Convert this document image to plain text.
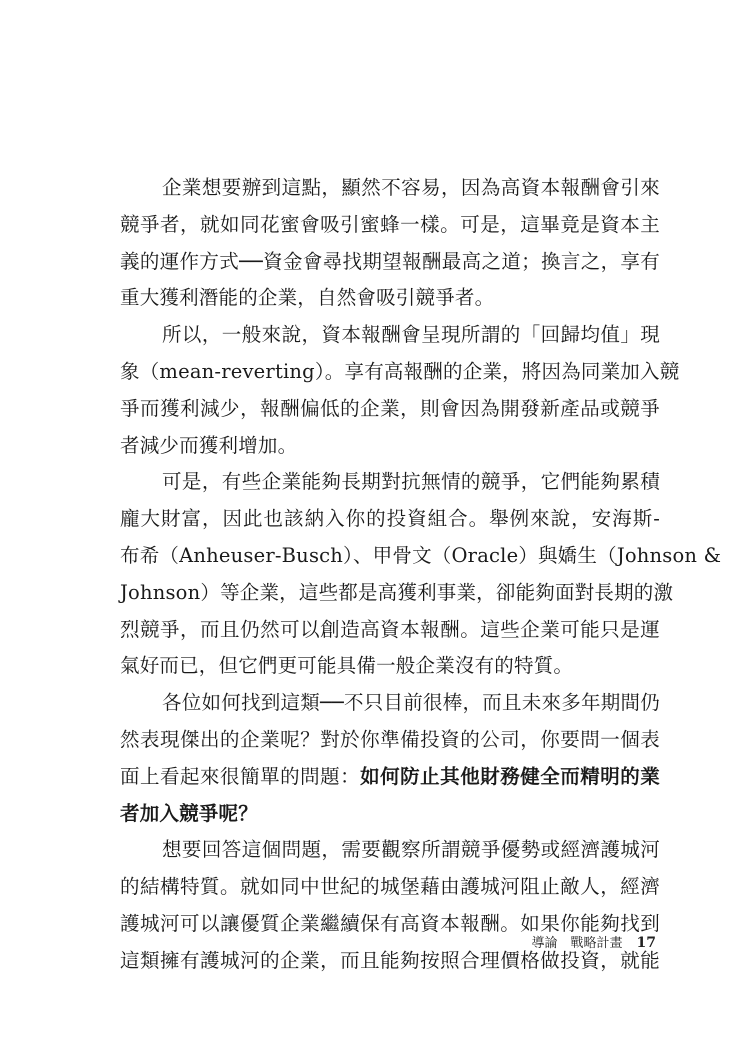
企業想要辦到這點，顯然不容易，因為高資本報酬會引來
競爭者，就如同花蜜會吸引蜜蜂一樣。可是，這畢竟是資本主
義的運作方式──資金會尋找期望報酬最高之道；換言之，享有
重大獲利潛能的企業，自然會吸引競爭者。
所以，一般來說，資本報酬會呈現所謂的「回歸均值」現
象（mean-reverting）。享有高報酬的企業，將因為同業加入競
爭而獲利減少，報酬偏低的企業，則會因為開發新產品或競爭
者減少而獲利增加。
可是，有些企業能夠長期對抗無情的競爭，它們能夠累積
龐大財富，因此也該納入你的投資組合。舉例來說，安海斯-
布希（Anheuser-Busch）、甲骨文（Oracle）與嬌生（Johnson &
Johnson）等企業，這些都是高獲利事業，卻能夠面對長期的激
烈競爭，而且仍然可以創造高資本報酬。這些企業可能只是運
氣好而已，但它們更可能具備一般企業沒有的特質。
各位如何找到這類──不只目前很棒，而且未來多年期間仍
然表現傑出的企業呢？對於你準備投資的公司，你要問一個表
面上看起來很簡單的問題：如何防止其他財務健全而精明的業
者加入競爭呢？
想要回答這個問題，需要觀察所謂競爭優勢或經濟護城河
的結構特質。就如同中世紀的城堡藉由護城河阻止敵人，經濟
護城河可以讓優質企業繼續保有高資本報酬。如果你能夠找到
這類擁有護城河的企業，而且能夠按照合理價格做投資，就能
導論　戰略計畫 17
